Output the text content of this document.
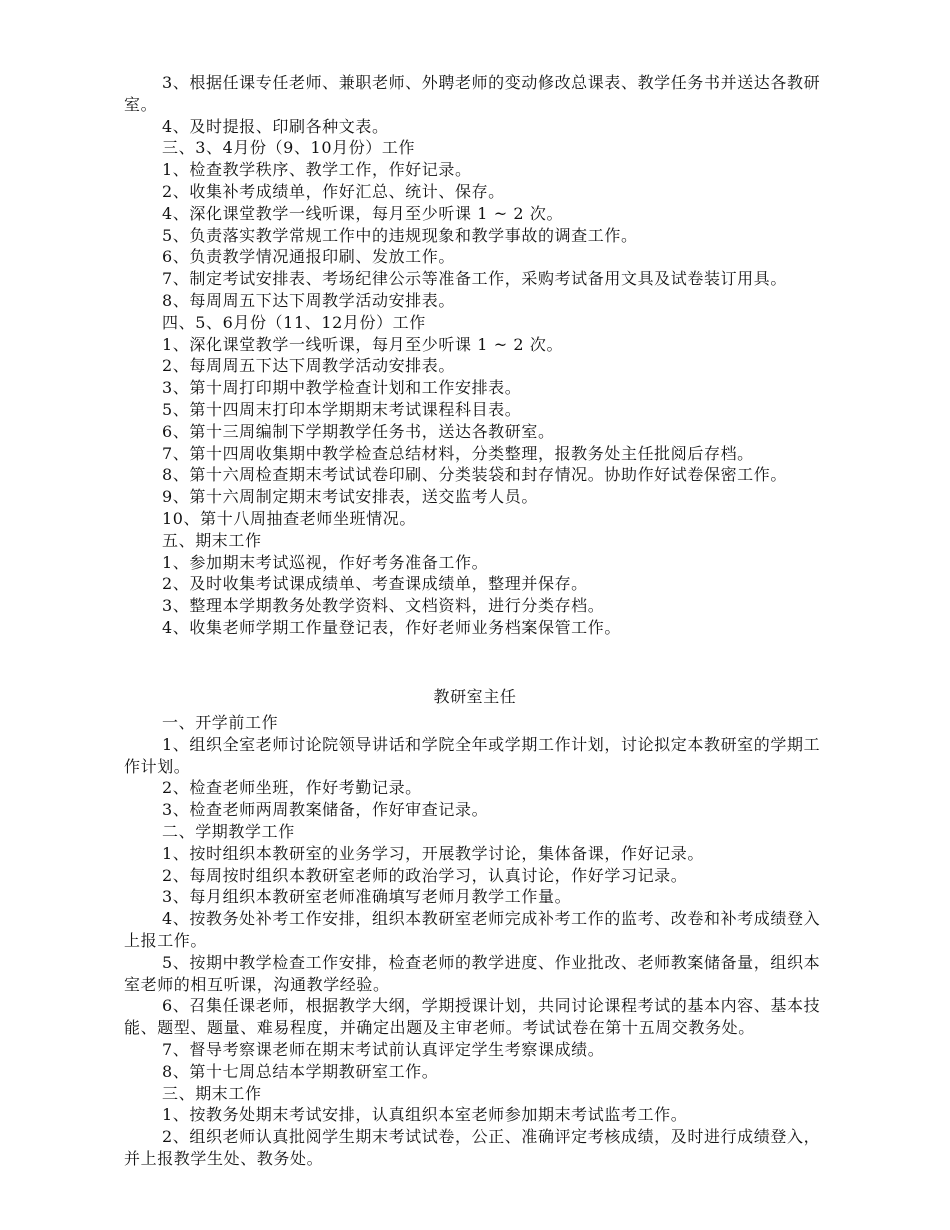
3、根据任课专任老师、兼职老师、外聘老师的变动修改总课表、教学任务书并送达各教研室。
4、及时提报、印刷各种文表。
三、3、4月份（9、10月份）工作
1、检查教学秩序、教学工作，作好记录。
2、收集补考成绩单，作好汇总、统计、保存。
4、深化课堂教学一线听课，每月至少听课 1 ~ 2 次。
5、负责落实教学常规工作中的违规现象和教学事故的调查工作。
6、负责教学情况通报印刷、发放工作。
7、制定考试安排表、考场纪律公示等准备工作，采购考试备用文具及试卷装订用具。
8、每周周五下达下周教学活动安排表。
四、5、6月份（11、12月份）工作
1、深化课堂教学一线听课，每月至少听课 1 ~ 2 次。
2、每周周五下达下周教学活动安排表。
3、第十周打印期中教学检查计划和工作安排表。
5、第十四周末打印本学期期末考试课程科目表。
6、第十三周编制下学期教学任务书，送达各教研室。
7、第十四周收集期中教学检查总结材料，分类整理，报教务处主任批阅后存档。
8、第十六周检查期末考试试卷印刷、分类装袋和封存情况。协助作好试卷保密工作。
9、第十六周制定期末考试安排表，送交监考人员。
10、第十八周抽查老师坐班情况。
五、期末工作
1、参加期末考试巡视，作好考务准备工作。
2、及时收集考试课成绩单、考查课成绩单，整理并保存。
3、整理本学期教务处教学资料、文档资料，进行分类存档。
4、收集老师学期工作量登记表，作好老师业务档案保管工作。
教研室主任
一、开学前工作
1、组织全室老师讨论院领导讲话和学院全年或学期工作计划，讨论拟定本教研室的学期工作计划。
2、检查老师坐班，作好考勤记录。
3、检查老师两周教案储备，作好审查记录。
二、学期教学工作
1、按时组织本教研室的业务学习，开展教学讨论，集体备课，作好记录。
2、每周按时组织本教研室老师的政治学习，认真讨论，作好学习记录。
3、每月组织本教研室老师准确填写老师月教学工作量。
4、按教务处补考工作安排，组织本教研室老师完成补考工作的监考、改卷和补考成绩登入上报工作。
5、按期中教学检查工作安排，检查老师的教学进度、作业批改、老师教案储备量，组织本室老师的相互听课，沟通教学经验。
6、召集任课老师，根据教学大纲，学期授课计划，共同讨论课程考试的基本内容、基本技能、题型、题量、难易程度，并确定出题及主审老师。考试试卷在第十五周交教务处。
7、督导考察课老师在期末考试前认真评定学生考察课成绩。
8、第十七周总结本学期教研室工作。
三、期末工作
1、按教务处期末考试安排，认真组织本室老师参加期末考试监考工作。
2、组织老师认真批阅学生期末考试试卷，公正、准确评定考核成绩，及时进行成绩登入，并上报教学生处、教务处。
